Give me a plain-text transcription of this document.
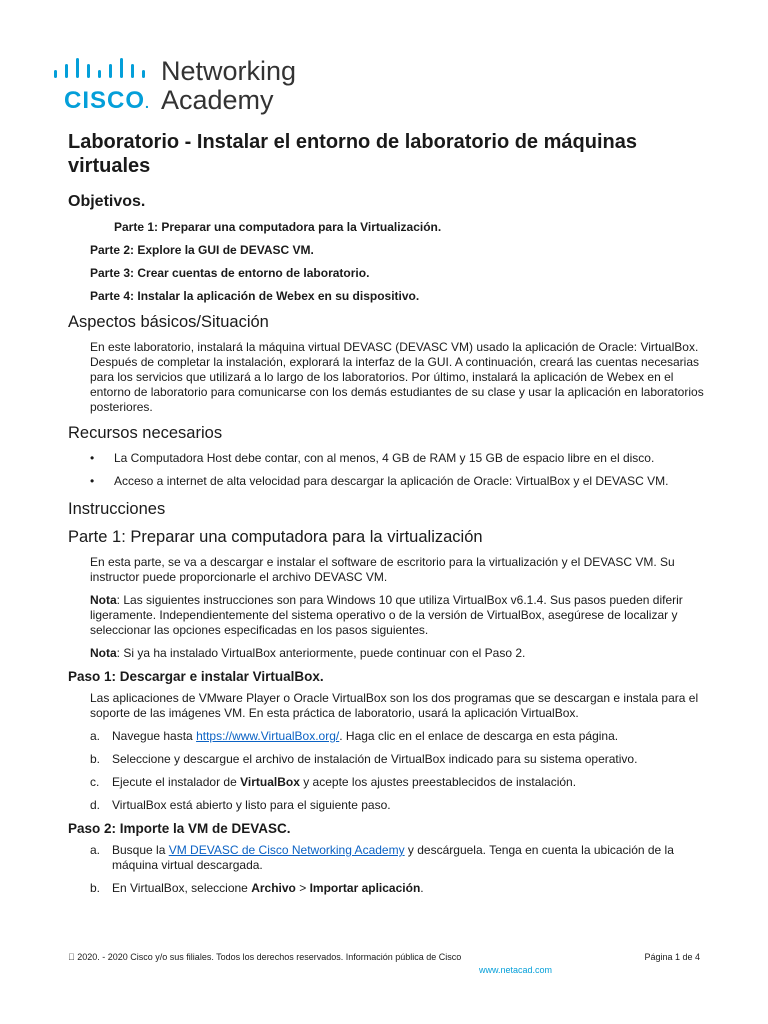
Networking
CISCO. Academy
Laboratorio - Instalar el entorno de laboratorio de máquinas virtuales
Objetivos.
Parte 1: Preparar una computadora para la Virtualización.
Parte 2: Explore la GUI de DEVASC VM.
Parte 3: Crear cuentas de entorno de laboratorio.
Parte 4: Instalar la aplicación de Webex en su dispositivo.
Aspectos básicos/Situación
En este laboratorio, instalará la máquina virtual DEVASC (DEVASC VM) usado la aplicación de Oracle: VirtualBox. Después de completar la instalación, explorará la interfaz de la GUI. A continuación, creará las cuentas necesarias para los servicios que utilizará a lo largo de los laboratorios. Por último, instalará la aplicación de Webex en el entorno de laboratorio para comunicarse con los demás estudiantes de su clase y usar la aplicación en laboratorios posteriores.
Recursos necesarios
• La Computadora Host debe contar, con al menos, 4 GB de RAM y 15 GB de espacio libre en el disco.
• Acceso a internet de alta velocidad para descargar la aplicación de Oracle: VirtualBox y el DEVASC VM.
Instrucciones
Parte 1: Preparar una computadora para la virtualización
En esta parte, se va a descargar e instalar el software de escritorio para la virtualización y el DEVASC VM. Su instructor puede proporcionarle el archivo DEVASC VM.
Nota: Las siguientes instrucciones son para Windows 10 que utiliza VirtualBox v6.1.4. Sus pasos pueden diferir ligeramente. Independientemente del sistema operativo o de la versión de VirtualBox, asegúrese de localizar y seleccionar las opciones especificadas en los pasos siguientes.
Nota: Si ya ha instalado VirtualBox anteriormente, puede continuar con el Paso 2.
Paso 1: Descargar e instalar VirtualBox.
Las aplicaciones de VMware Player o Oracle VirtualBox son los dos programas que se descargan e instala para el soporte de las imágenes VM. En esta práctica de laboratorio, usará la aplicación VirtualBox.
a. Navegue hasta https://www.VirtualBox.org/. Haga clic en el enlace de descarga en esta página.
b. Seleccione y descargue el archivo de instalación de VirtualBox indicado para su sistema operativo.
c. Ejecute el instalador de VirtualBox y acepte los ajustes preestablecidos de instalación.
d. VirtualBox está abierto y listo para el siguiente paso.
Paso 2: Importe la VM de DEVASC.
a. Busque la VM DEVASC de Cisco Networking Academy y descárguela. Tenga en cuenta la ubicación de la máquina virtual descargada.
b. En VirtualBox, seleccione Archivo > Importar aplicación.
  2020. - 2020 Cisco y/o sus filiales. Todos los derechos reservados. Información pública de Cisco	Página 1 de 4
www.netacad.com
